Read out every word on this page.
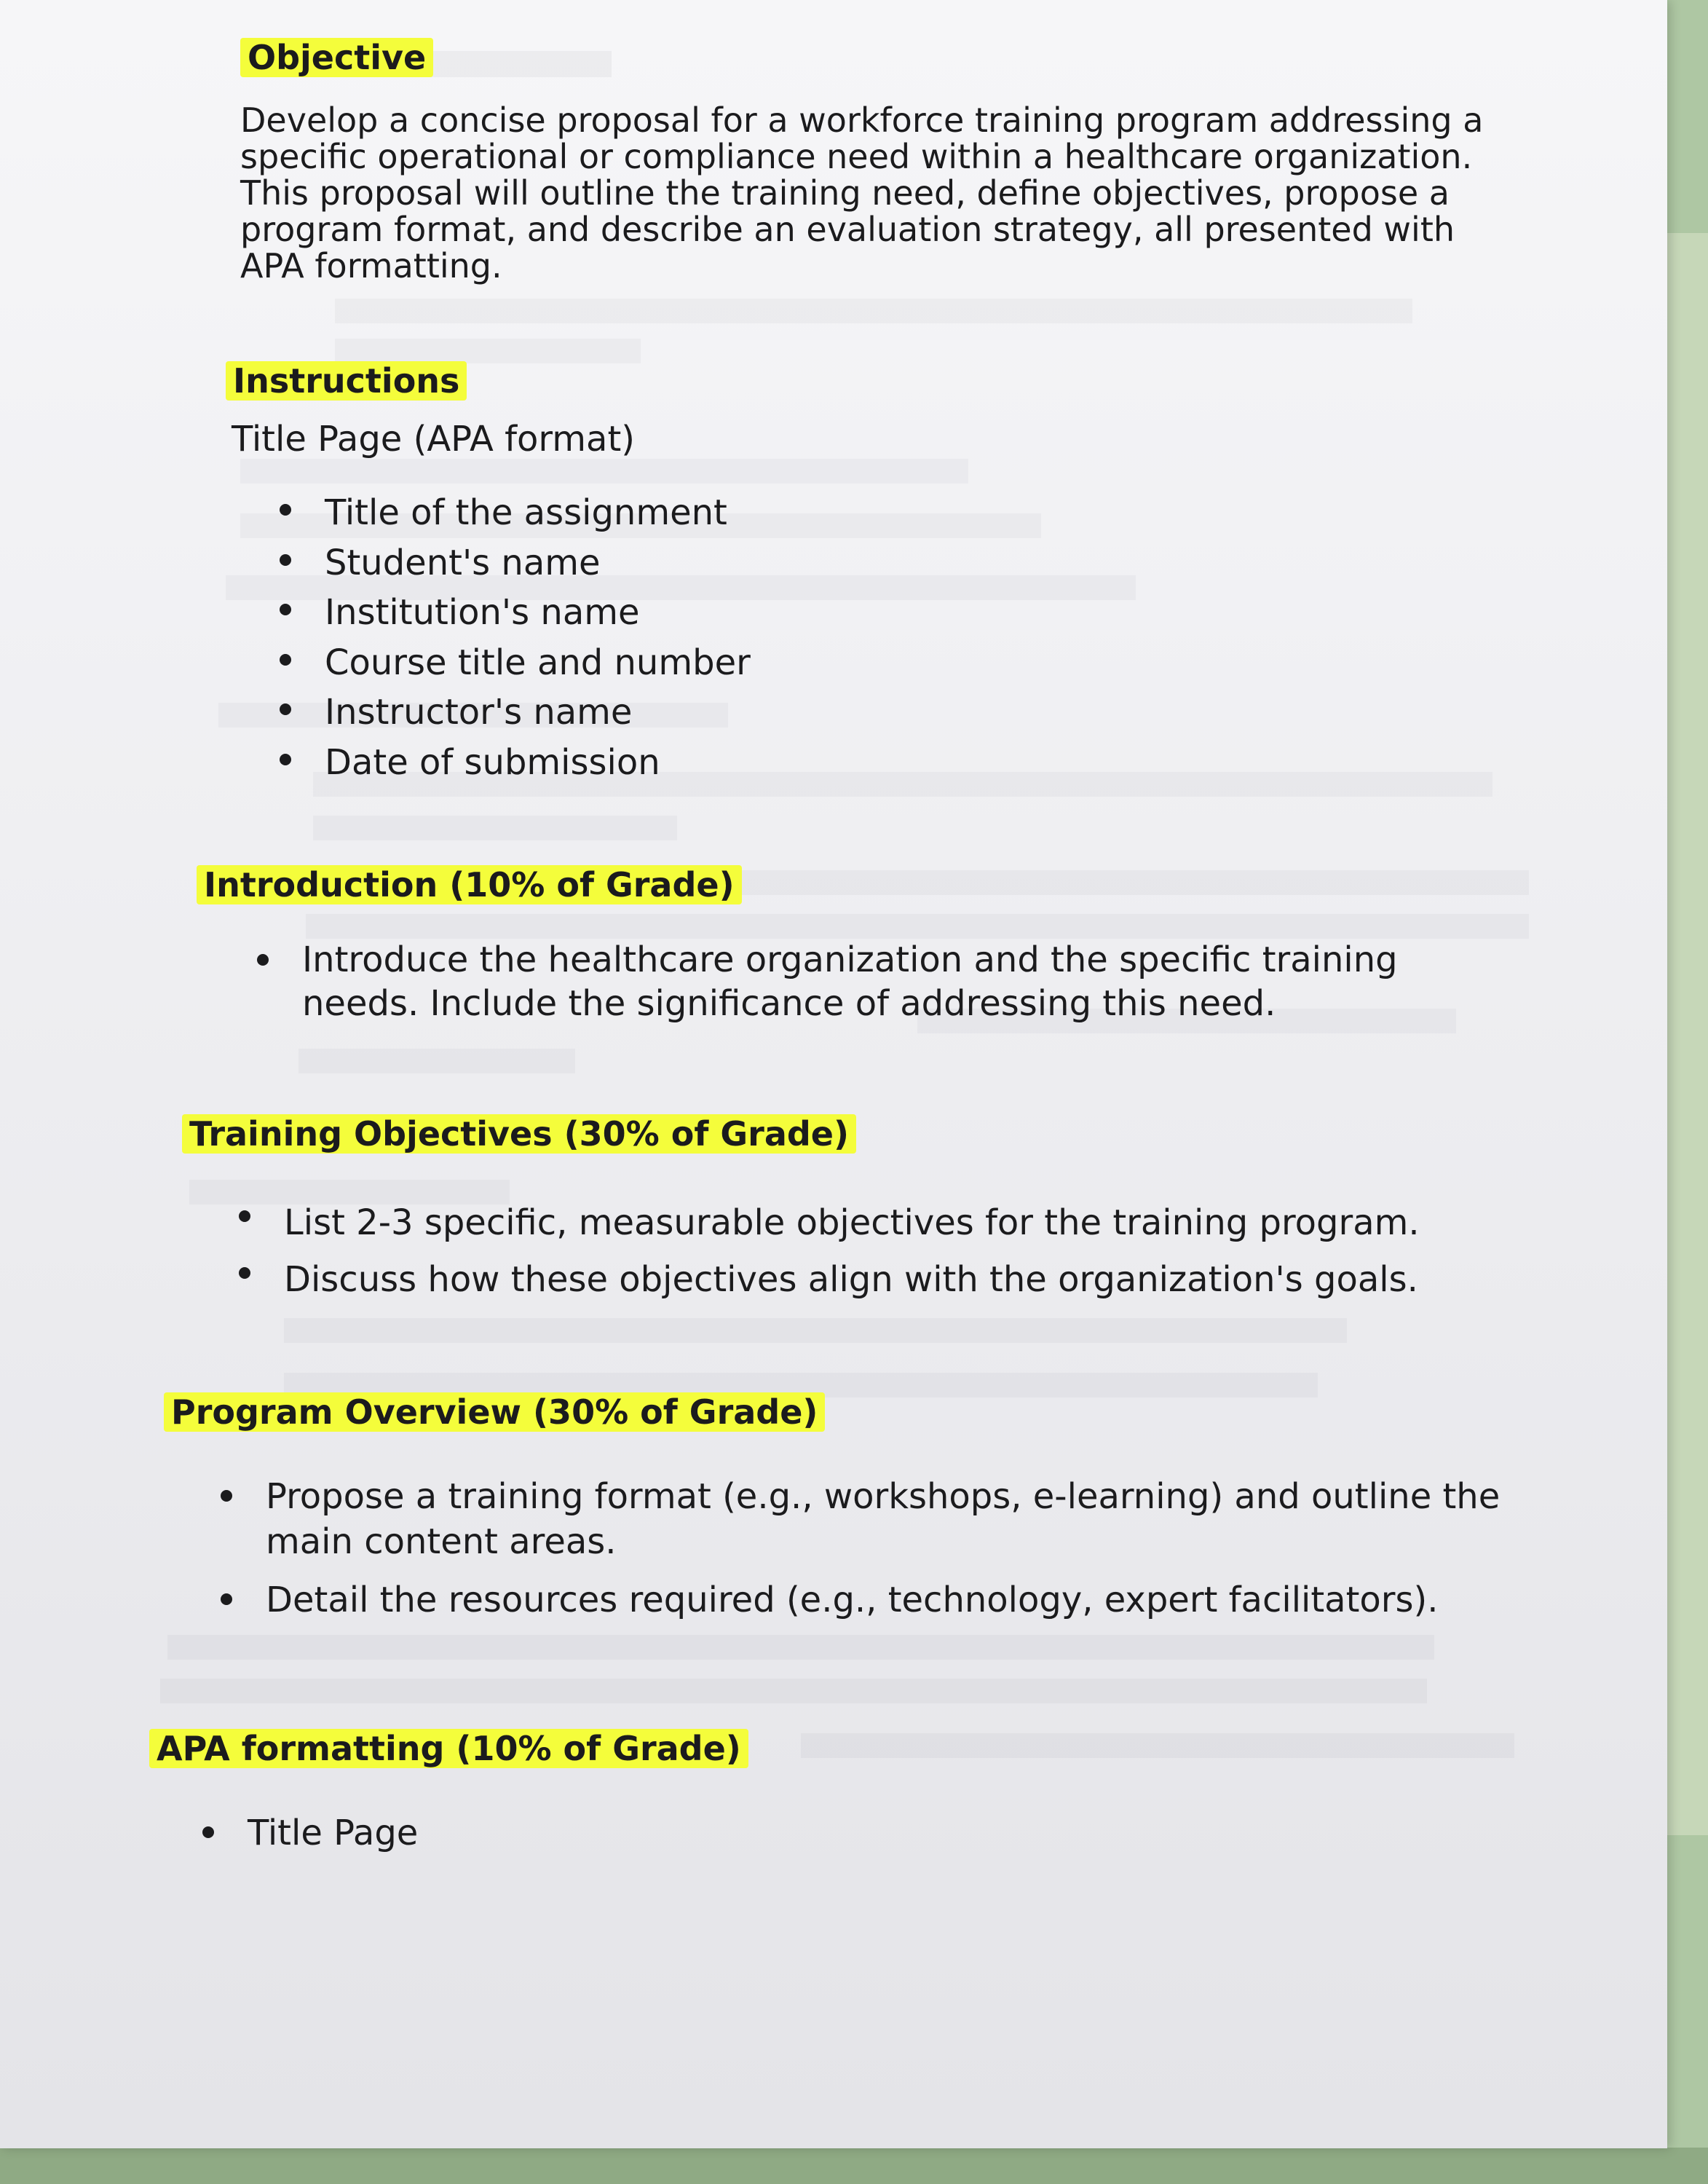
Objective

Develop a concise proposal for a workforce training program addressing a specific operational or compliance need within a healthcare organization. This proposal will outline the training need, define objectives, propose a program format, and describe an evaluation strategy, all presented with APA formatting.

Instructions

Title Page (APA format)

Title of the assignment
Student's name
Institution's name
Course title and number
Instructor's name
Date of submission
Introduction (10% of Grade)
Introduce the healthcare organization and the specific training needs. Include the significance of addressing this need.
Training Objectives (30% of Grade)
List 2-3 specific, measurable objectives for the training program.
Discuss how these objectives align with the organization's goals.
Program Overview (30% of Grade)
Propose a training format (e.g., workshops, e-learning) and outline the main content areas.
Detail the resources required (e.g., technology, expert facilitators).
APA formatting (10% of Grade)
Title Page
